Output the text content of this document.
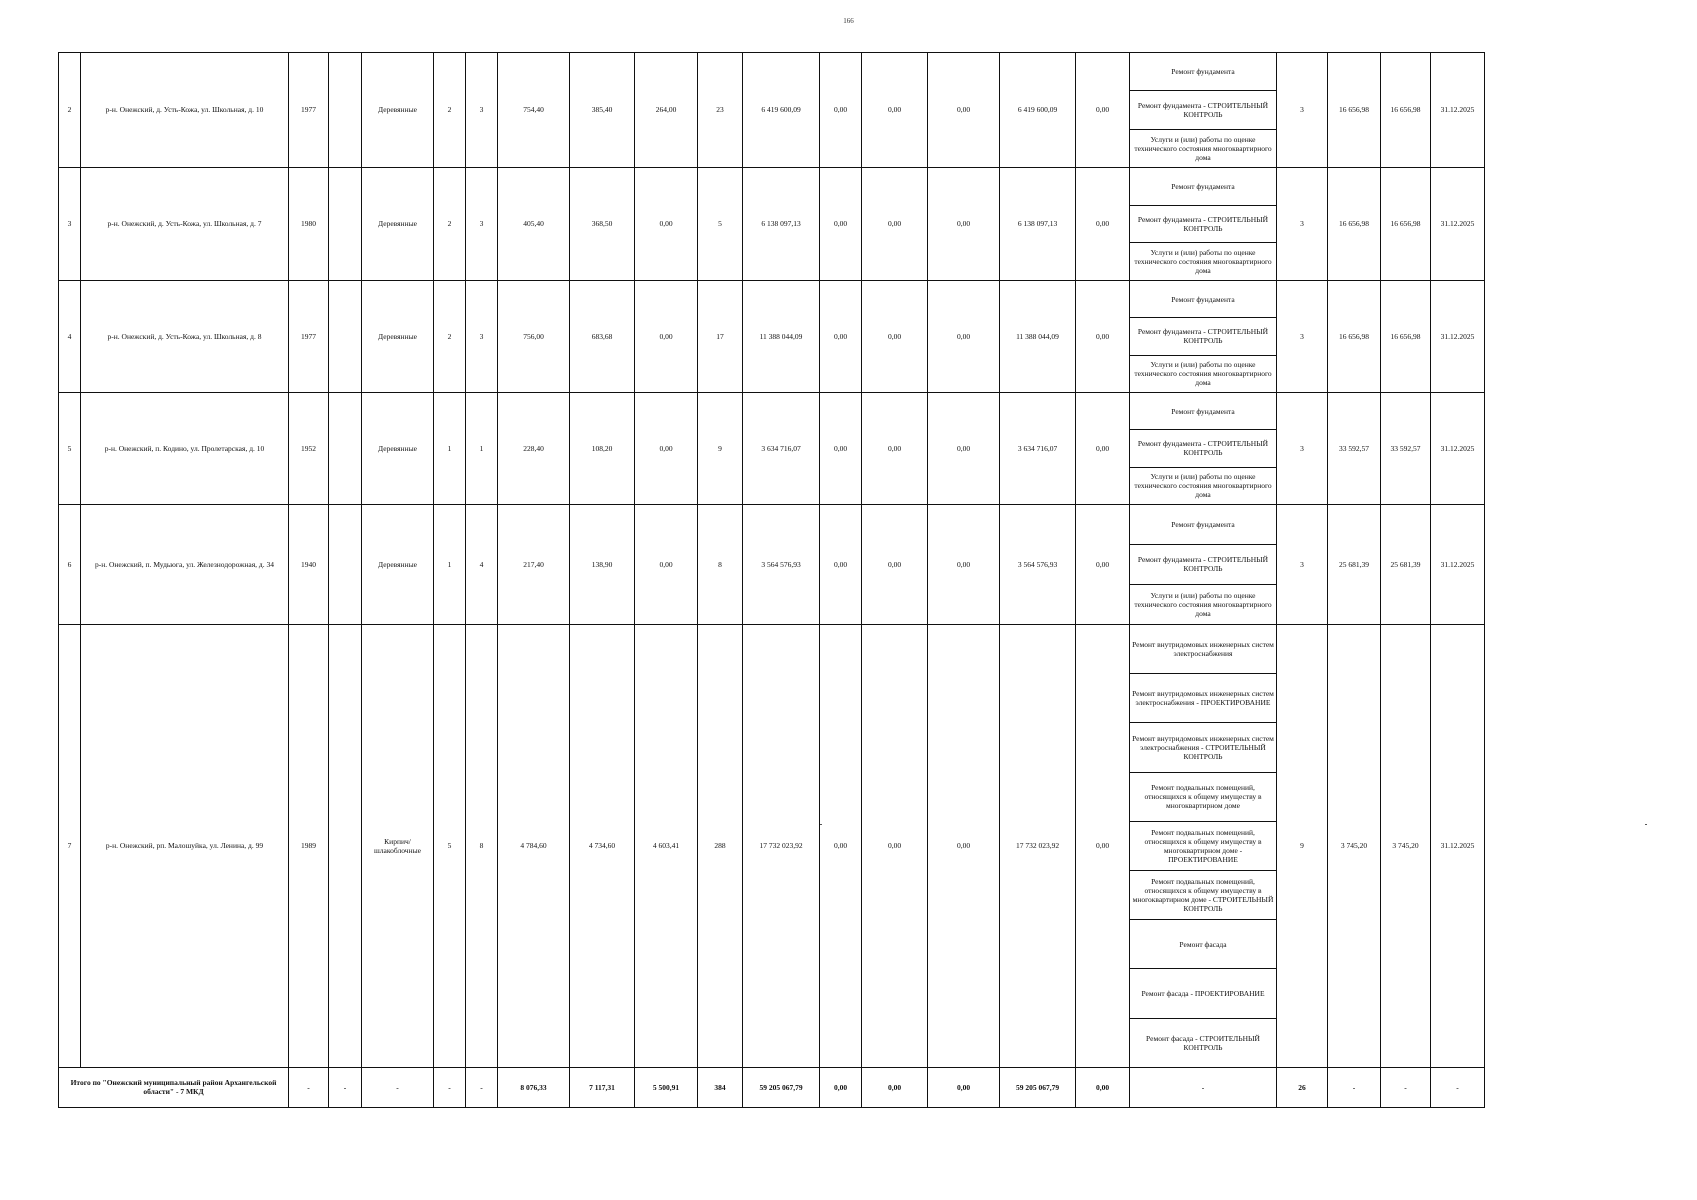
166
2	р-н. Онежский, д. Усть-Кожа, ул. Школьная, д. 10	1977		Деревянные	2	3	754,40	385,40	264,00	23	6 419 600,09	0,00	0,00	0,00	6 419 600,09	0,00	Ремонт фундамента	3	16 656,98	16 656,98	31.12.2025
																	Ремонт фундамента - СТРОИТЕЛЬНЫЙ КОНТРОЛЬ				
																	Услуги и (или) работы по оценке технического состояния многоквартирного дома				
3	р-н. Онежский, д. Усть-Кожа, ул. Школьная, д. 7	1980		Деревянные	2	3	405,40	368,50	0,00	5	6 138 097,13	0,00	0,00	0,00	6 138 097,13	0,00	Ремонт фундамента	3	16 656,98	16 656,98	31.12.2025
																	Ремонт фундамента - СТРОИТЕЛЬНЫЙ КОНТРОЛЬ				
																	Услуги и (или) работы по оценке технического состояния многоквартирного дома				
4	р-н. Онежский, д. Усть-Кожа, ул. Школьная, д. 8	1977		Деревянные	2	3	756,00	683,68	0,00	17	11 388 044,09	0,00	0,00	0,00	11 388 044,09	0,00	Ремонт фундамента	3	16 656,98	16 656,98	31.12.2025
																	Ремонт фундамента - СТРОИТЕЛЬНЫЙ КОНТРОЛЬ				
																	Услуги и (или) работы по оценке технического состояния многоквартирного дома				
5	р-н. Онежский, п. Кодино, ул. Пролетарская, д. 10	1952		Деревянные	1	1	228,40	108,20	0,00	9	3 634 716,07	0,00	0,00	0,00	3 634 716,07	0,00	Ремонт фундамента	3	33 592,57	33 592,57	31.12.2025
																	Ремонт фундамента - СТРОИТЕЛЬНЫЙ КОНТРОЛЬ				
																	Услуги и (или) работы по оценке технического состояния многоквартирного дома				
6	р-н. Онежский, п. Мудьюга, ул. Железнодорожная, д. 34	1940		Деревянные	1	4	217,40	138,90	0,00	8	3 564 576,93	0,00	0,00	0,00	3 564 576,93	0,00	Ремонт фундамента	3	25 681,39	25 681,39	31.12.2025
																	Ремонт фундамента - СТРОИТЕЛЬНЫЙ КОНТРОЛЬ				
																	Услуги и (или) работы по оценке технического состояния многоквартирного дома				
7	р-н. Онежский, рп. Малошуйка, ул. Ленина, д. 99	1989		Кирпич/ шлакоблочные	5	8	4 784,60	4 734,60	4 603,41	288	17 732 023,92	0,00	0,00	0,00	17 732 023,92	0,00	Ремонт внутридомовых инженерных систем электроснабжения	9	3 745,20	3 745,20	31.12.2025
																	Ремонт внутридомовых инженерных систем электроснабжения - ПРОЕКТИРОВАНИЕ				
																	Ремонт внутридомовых инженерных систем электроснабжения - СТРОИТЕЛЬНЫЙ КОНТРОЛЬ				
																	Ремонт подвальных помещений, относящихся к общему имуществу в многоквартирном доме				
																	Ремонт подвальных помещений, относящихся к общему имуществу в многоквартирном доме - ПРОЕКТИРОВАНИЕ				
																	Ремонт подвальных помещений, относящихся к общему имуществу в многоквартирном доме - СТРОИТЕЛЬНЫЙ КОНТРОЛЬ				
																	Ремонт фасада				
																	Ремонт фасада - ПРОЕКТИРОВАНИЕ				
																	Ремонт фасада - СТРОИТЕЛЬНЫЙ КОНТРОЛЬ				
Итого по "Онежский муниципальный район Архангельской области" - 7 МКД		-	-	-	-	-	8 076,33	7 117,31	5 500,91	384	59 205 067,79	0,00	0,00	0,00	59 205 067,79	0,00	-	26	-	-	-
